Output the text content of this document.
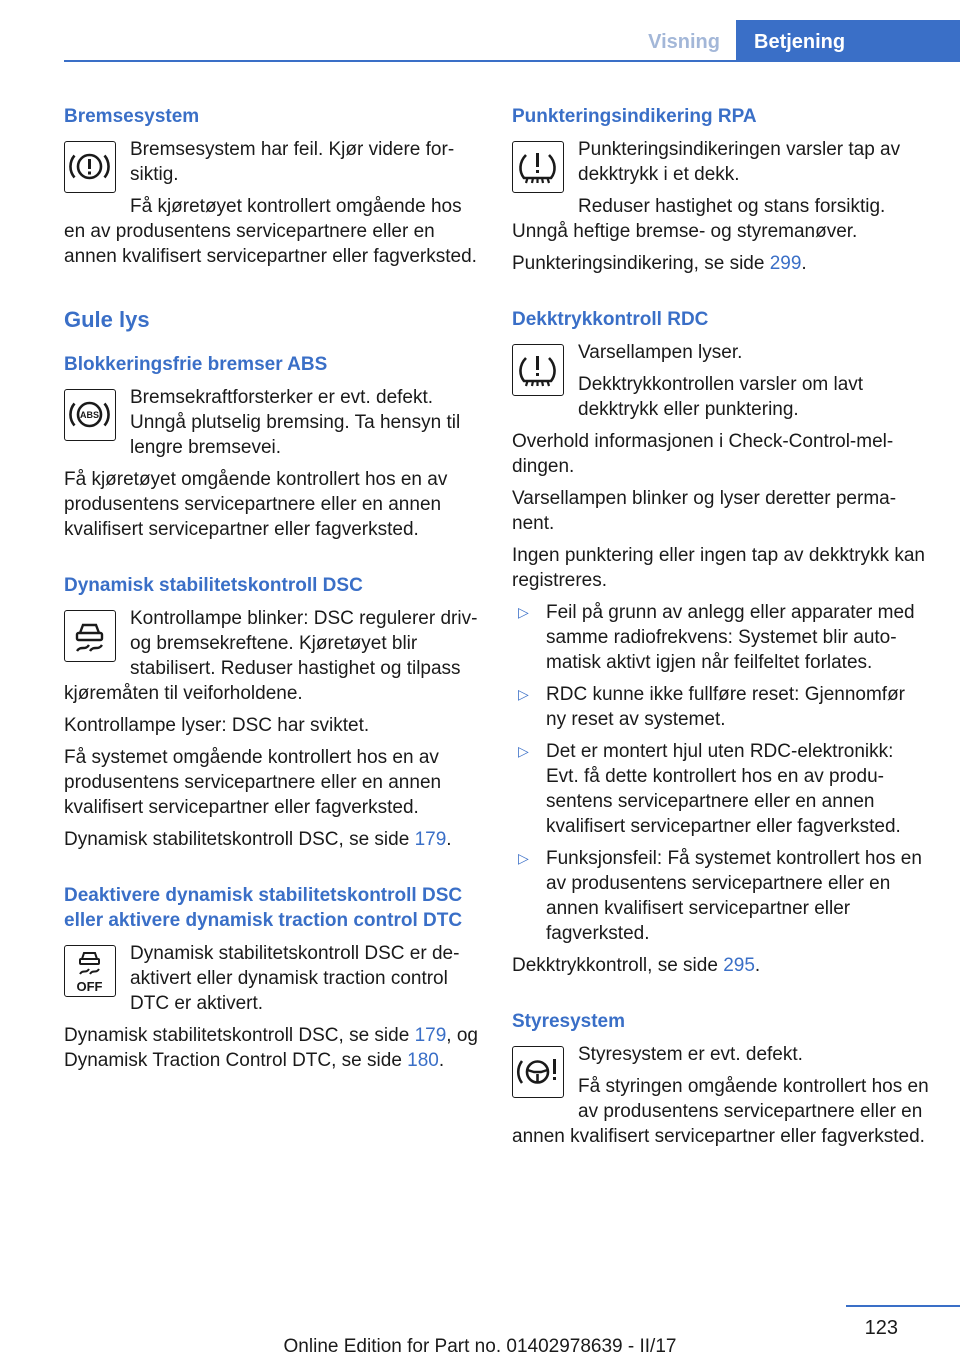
Visning	Betjening
Bremsesystem

Bremsesystem har feil. Kjør videre forsiktig.

Få kjøretøyet kontrollert omgående hos en av produsentens servicepartnere eller en annen kvalifisert servicepartner eller fagverksted.

Gule lys
Blokkeringsfrie bremser ABS
ABS

Bremsekraftforsterker er evt. defekt. Unngå plutselig bremsing. Ta hensyn til lengre bremsevei.

Få kjøretøyet omgående kontrollert hos en av produsentens servicepartnere eller en annen kvalifisert servicepartner eller fagverksted.

Dynamisk stabilitetskontroll DSC

Kontrollampe blinker: DSC regulerer driv- og bremsekreftene. Kjøretøyet blir stabilisert. Reduser hastighet og tilpass kjøremåten til veiforholdene.

Kontrollampe lyser: DSC har sviktet.

Få systemet omgående kontrollert hos en av produsentens servicepartnere eller en annen kvalifisert servicepartner eller fagverksted.

Dynamisk stabilitetskontroll DSC, se side 179.

Deaktivere dynamisk stabilitetskontroll DSC eller aktivere dynamisk traction control DTC
OFF

Dynamisk stabilitetskontroll DSC er deaktivert eller dynamisk traction control DTC er aktivert.

Dynamisk stabilitetskontroll DSC, se side 179, og Dynamisk Traction Control DTC, se side 180.

Punkteringsindikering RPA

Punkteringsindikeringen varsler tap av dekktrykk i et dekk.

Reduser hastighet og stans forsiktig. Unngå heftige bremse- og styremanøver.

Punkteringsindikering, se side 299.

Dekktrykkontroll RDC

Varsellampen lyser.

Dekktrykkontrollen varsler om lavt dekktrykk eller punktering.

Overhold informasjonen i Check-Control-meldingen.

Varsellampen blinker og lyser deretter permanent.

Ingen punktering eller ingen tap av dekktrykk kan registreres.

▷ Feil på grunn av anlegg eller apparater med samme radiofrekvens: Systemet blir automatisk aktivt igjen når feilfeltet forlates.
▷ RDC kunne ikke fullføre reset: Gjennomfør ny reset av systemet.
▷ Det er montert hjul uten RDC-elektronikk: Evt. få dette kontrollert hos en av produsentens servicepartnere eller en annen kvalifisert servicepartner eller fagverksted.
▷ Funksjonsfeil: Få systemet kontrollert hos en av produsentens servicepartnere eller en annen kvalifisert servicepartner eller fagverksted.

Dekktrykkontroll, se side 295.

Styresystem

Styresystem er evt. defekt.

Få styringen omgående kontrollert hos en av produsentens servicepartnere eller en annen kvalifisert servicepartner eller fagverksted.

123
Online Edition for Part no. 01402978639 - II/17
